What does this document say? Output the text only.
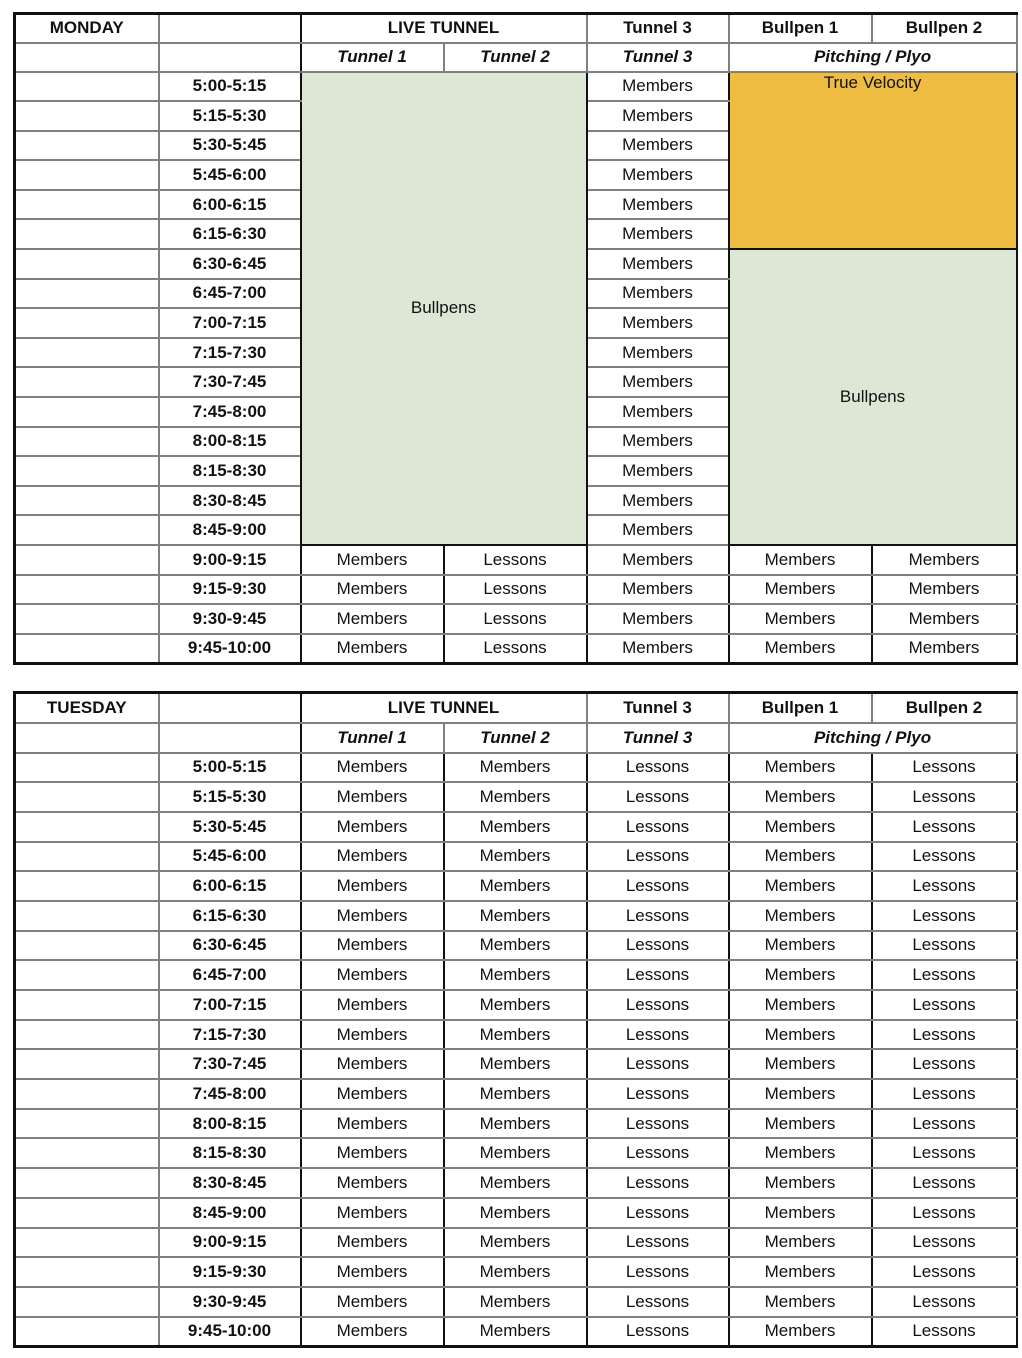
MONDAY		LIVE TUNNEL		Tunnel 3	Bullpen 1	Bullpen 2
		Tunnel 1	Tunnel 2	Tunnel 3	Pitching / Plyo	
	5:00-5:15	Bullpens		Members	True Velocity	
	5:15-5:30			Members		
	5:30-5:45			Members		
	5:45-6:00			Members		
	6:00-6:15			Members		
	6:15-6:30			Members		
	6:30-6:45			Members	Bullpens	
	6:45-7:00			Members		
	7:00-7:15			Members		
	7:15-7:30			Members		
	7:30-7:45			Members		
	7:45-8:00			Members		
	8:00-8:15			Members		
	8:15-8:30			Members		
	8:30-8:45			Members		
	8:45-9:00			Members		
	9:00-9:15	Members	Lessons	Members	Members	Members
	9:15-9:30	Members	Lessons	Members	Members	Members
	9:30-9:45	Members	Lessons	Members	Members	Members
	9:45-10:00	Members	Lessons	Members	Members	Members
TUESDAY		LIVE TUNNEL		Tunnel 3	Bullpen 1	Bullpen 2
		Tunnel 1	Tunnel 2	Tunnel 3	Pitching / Plyo	
	5:00-5:15	Members	Members	Lessons	Members	Lessons
	5:15-5:30	Members	Members	Lessons	Members	Lessons
	5:30-5:45	Members	Members	Lessons	Members	Lessons
	5:45-6:00	Members	Members	Lessons	Members	Lessons
	6:00-6:15	Members	Members	Lessons	Members	Lessons
	6:15-6:30	Members	Members	Lessons	Members	Lessons
	6:30-6:45	Members	Members	Lessons	Members	Lessons
	6:45-7:00	Members	Members	Lessons	Members	Lessons
	7:00-7:15	Members	Members	Lessons	Members	Lessons
	7:15-7:30	Members	Members	Lessons	Members	Lessons
	7:30-7:45	Members	Members	Lessons	Members	Lessons
	7:45-8:00	Members	Members	Lessons	Members	Lessons
	8:00-8:15	Members	Members	Lessons	Members	Lessons
	8:15-8:30	Members	Members	Lessons	Members	Lessons
	8:30-8:45	Members	Members	Lessons	Members	Lessons
	8:45-9:00	Members	Members	Lessons	Members	Lessons
	9:00-9:15	Members	Members	Lessons	Members	Lessons
	9:15-9:30	Members	Members	Lessons	Members	Lessons
	9:30-9:45	Members	Members	Lessons	Members	Lessons
	9:45-10:00	Members	Members	Lessons	Members	Lessons
